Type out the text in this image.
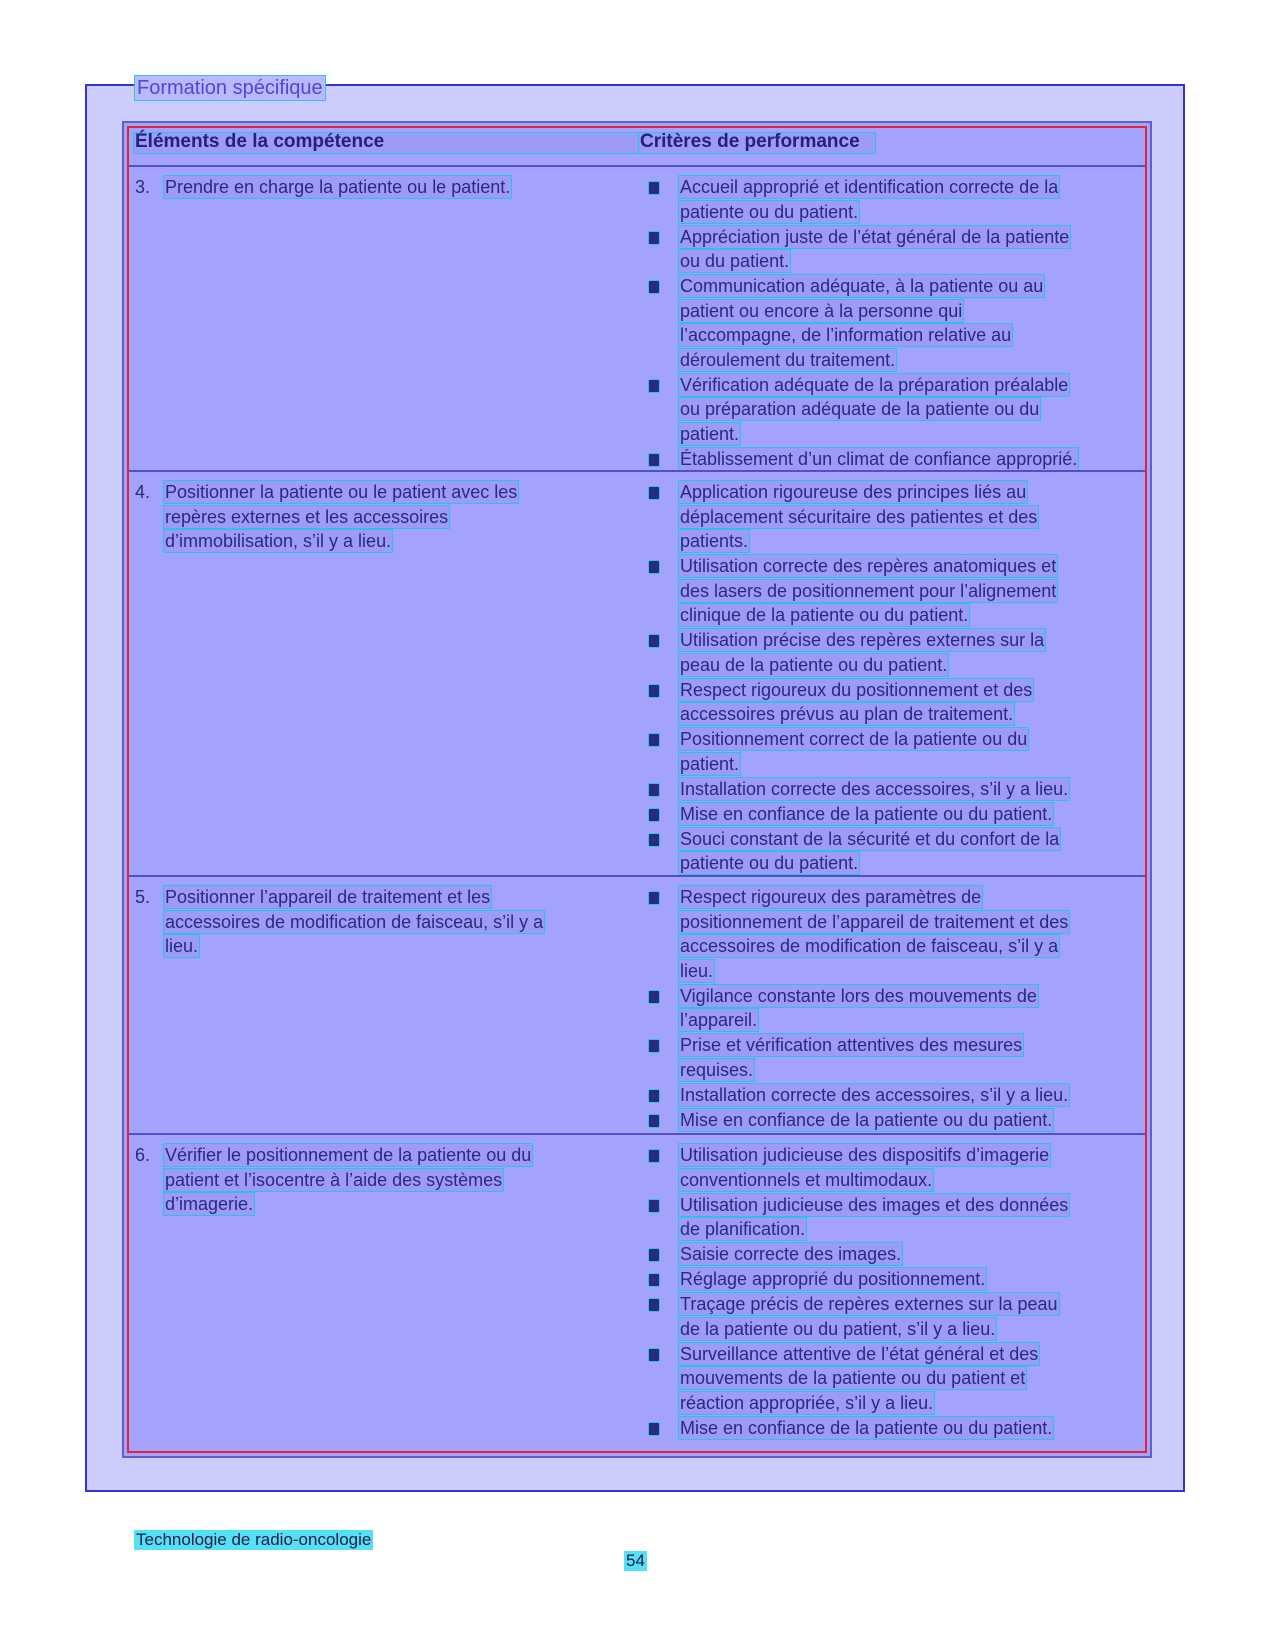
Formation spécifique
Éléments de la compétence	Critères de performance
3. Prendre en charge la patiente ou le patient.	Accueil approprié et identification correcte de la
patiente ou du patient.
Appréciation juste de l’état général de la patiente
ou du patient.
Communication adéquate, à la patiente ou au
patient ou encore à la personne qui
l’accompagne, de l’information relative au
déroulement du traitement.
Vérification adéquate de la préparation préalable
ou préparation adéquate de la patiente ou du
patient.
Établissement d’un climat de confiance approprié.
4. Positionner la patiente ou le patient avec les
repères externes et les accessoires
d’immobilisation, s’il y a lieu.
Application rigoureuse des principes liés au
déplacement sécuritaire des patientes et des
patients.
Utilisation correcte des repères anatomiques et
des lasers de positionnement pour l’alignement
clinique de la patiente ou du patient.
Utilisation précise des repères externes sur la
peau de la patiente ou du patient.
Respect rigoureux du positionnement et des
accessoires prévus au plan de traitement.
Positionnement correct de la patiente ou du
patient.
Installation correcte des accessoires, s’il y a lieu.
Mise en confiance de la patiente ou du patient.
Souci constant de la sécurité et du confort de la
patiente ou du patient.
5. Positionner l’appareil de traitement et les
accessoires de modification de faisceau, s’il y a
lieu.
Respect rigoureux des paramètres de
positionnement de l’appareil de traitement et des
accessoires de modification de faisceau, s’il y a
lieu.
Vigilance constante lors des mouvements de
l’appareil.
Prise et vérification attentives des mesures
requises.
Installation correcte des accessoires, s’il y a lieu.
Mise en confiance de la patiente ou du patient.
6. Vérifier le positionnement de la patiente ou du
patient et l’isocentre à l’aide des systèmes
d’imagerie.
Utilisation judicieuse des dispositifs d’imagerie
conventionnels et multimodaux.
Utilisation judicieuse des images et des données
de planification.
Saisie correcte des images.
Réglage approprié du positionnement.
Traçage précis de repères externes sur la peau
de la patiente ou du patient, s’il y a lieu.
Surveillance attentive de l’état général et des
mouvements de la patiente ou du patient et
réaction appropriée, s’il y a lieu.
Mise en confiance de la patiente ou du patient.
Technologie de radio-oncologie
54
